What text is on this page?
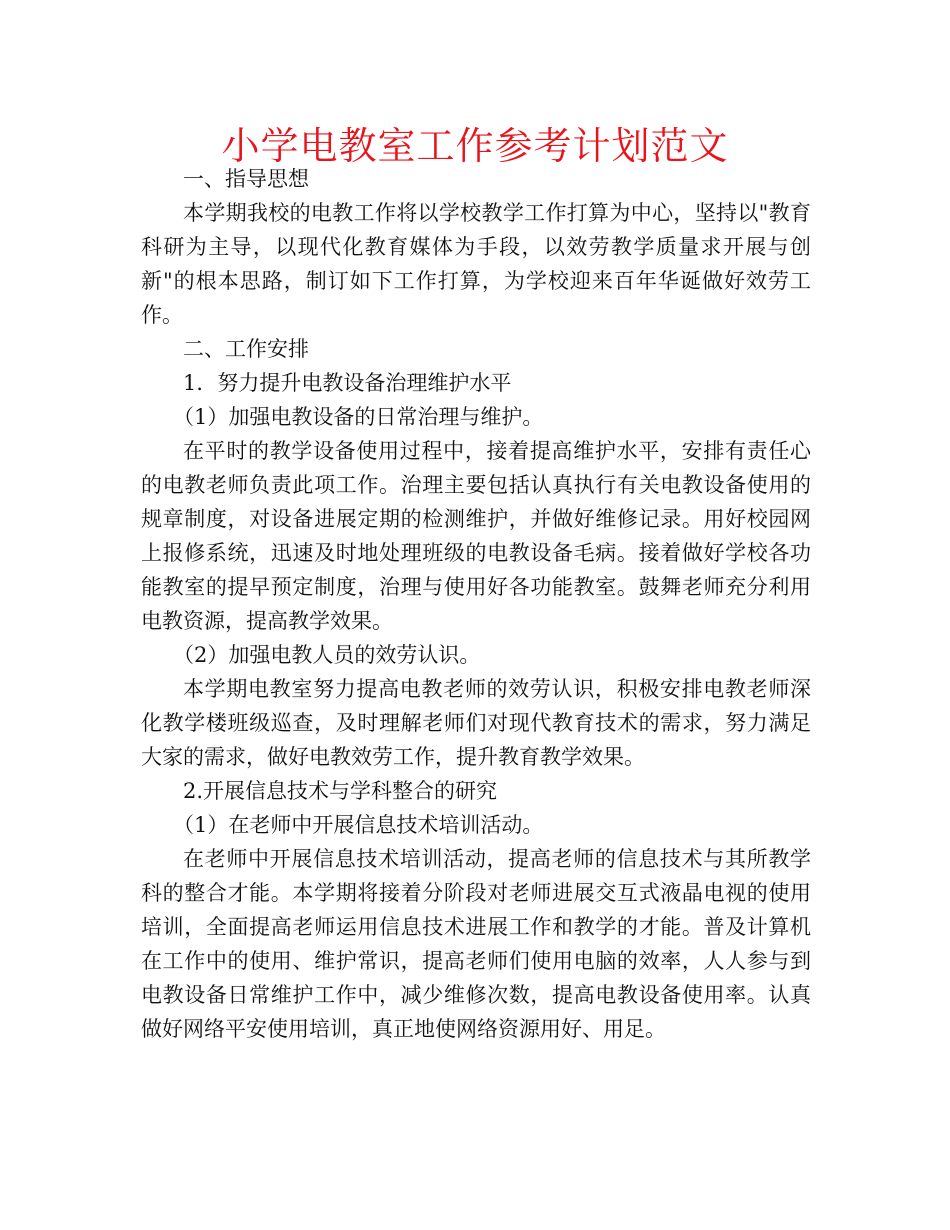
小学电教室工作参考计划范文

一、指导思想

本学期我校的电教工作将以学校教学工作打算为中心，坚持以"教育科研为主导，以现代化教育媒体为手段，以效劳教学质量求开展与创新"的根本思路，制订如下工作打算，为学校迎来百年华诞做好效劳工作。

二、工作安排

1．努力提升电教设备治理维护水平

（1）加强电教设备的日常治理与维护。

在平时的教学设备使用过程中，接着提高维护水平，安排有责任心的电教老师负责此项工作。治理主要包括认真执行有关电教设备使用的规章制度，对设备进展定期的检测维护，并做好维修记录。用好校园网上报修系统，迅速及时地处理班级的电教设备毛病。接着做好学校各功能教室的提早预定制度，治理与使用好各功能教室。鼓舞老师充分利用电教资源，提高教学效果。

（2）加强电教人员的效劳认识。

本学期电教室努力提高电教老师的效劳认识，积极安排电教老师深化教学楼班级巡查，及时理解老师们对现代教育技术的需求，努力满足大家的需求，做好电教效劳工作，提升教育教学效果。

2.开展信息技术与学科整合的研究

（1）在老师中开展信息技术培训活动。

在老师中开展信息技术培训活动，提高老师的信息技术与其所教学科的整合才能。本学期将接着分阶段对老师进展交互式液晶电视的使用培训，全面提高老师运用信息技术进展工作和教学的才能。普及计算机在工作中的使用、维护常识，提高老师们使用电脑的效率，人人参与到电教设备日常维护工作中，减少维修次数，提高电教设备使用率。认真做好网络平安使用培训，真正地使网络资源用好、用足。
